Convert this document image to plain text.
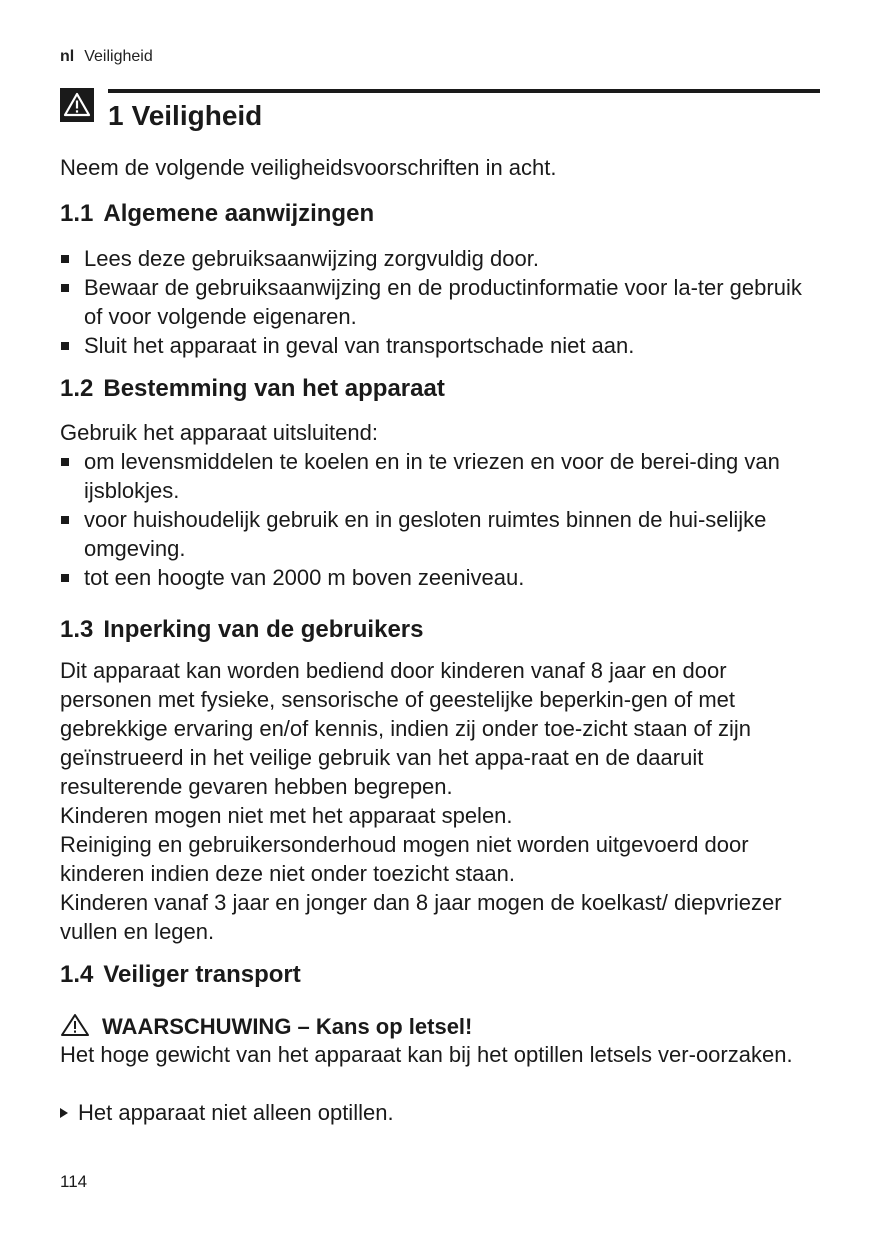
nl Veiligheid
1 Veiligheid

Neem de volgende veiligheidsvoorschriften in acht.

1.1 Algemene aanwijzingen
Lees deze gebruiksaanwijzing zorgvuldig door.
Bewaar de gebruiksaanwijzing en de productinformatie voor la-ter gebruik of voor volgende eigenaren.
Sluit het apparaat in geval van transportschade niet aan.
1.2 Bestemming van het apparaat

Gebruik het apparaat uitsluitend:

om levensmiddelen te koelen en in te vriezen en voor de berei-ding van ijsblokjes.
voor huishoudelijk gebruik en in gesloten ruimtes binnen de hui-selijke omgeving.
tot een hoogte van 2000 m boven zeeniveau.
1.3 Inperking van de gebruikers

Dit apparaat kan worden bediend door kinderen vanaf 8 jaar en door personen met fysieke, sensorische of geestelijke beperkin-gen of met gebrekkige ervaring en/of kennis, indien zij onder toe-zicht staan of zijn geïnstrueerd in het veilige gebruik van het appa-raat en de daaruit resulterende gevaren hebben begrepen.

Kinderen mogen niet met het apparaat spelen.

Reiniging en gebruikersonderhoud mogen niet worden uitgevoerd door kinderen indien deze niet onder toezicht staan.

Kinderen vanaf 3 jaar en jonger dan 8 jaar mogen de koelkast/ diepvriezer vullen en legen.

1.4 Veiliger transport
WAARSCHUWING – Kans op letsel!

Het hoge gewicht van het apparaat kan bij het optillen letsels ver-oorzaken.

Het apparaat niet alleen optillen.
114
